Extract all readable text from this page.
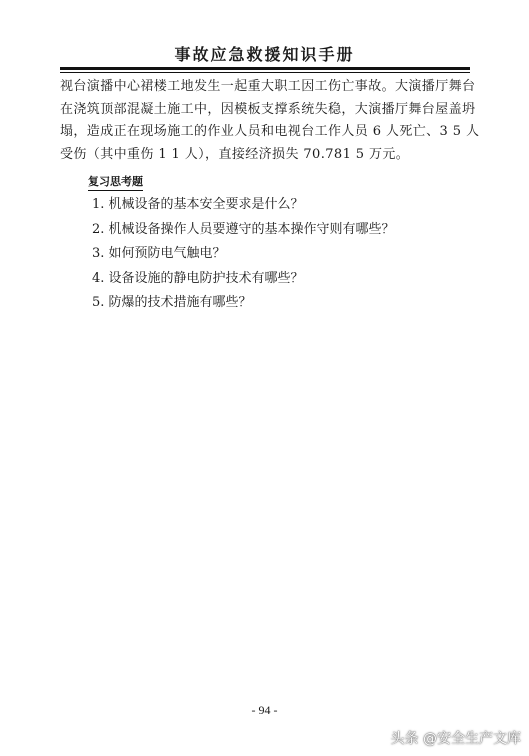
事故应急救援知识手册
视台演播中心裙楼工地发生一起重大职工因工伤亡事故。大演播厅舞台在浇筑顶部混凝土施工中，因模板支撑系统失稳，大演播厅舞台屋盖坍塌，造成正在现场施工的作业人员和电视台工作人员 6 人死亡、3 5 人受伤（其中重伤 1 1 人），直接经济损失 70.781 5 万元。
复习思考题
1. 机械设备的基本安全要求是什么？
2. 机械设备操作人员要遵守的基本操作守则有哪些？
3. 如何预防电气触电？
4. 设备设施的静电防护技术有哪些？
5. 防爆的技术措施有哪些？
- 94 -
头条 @安全生产文库
